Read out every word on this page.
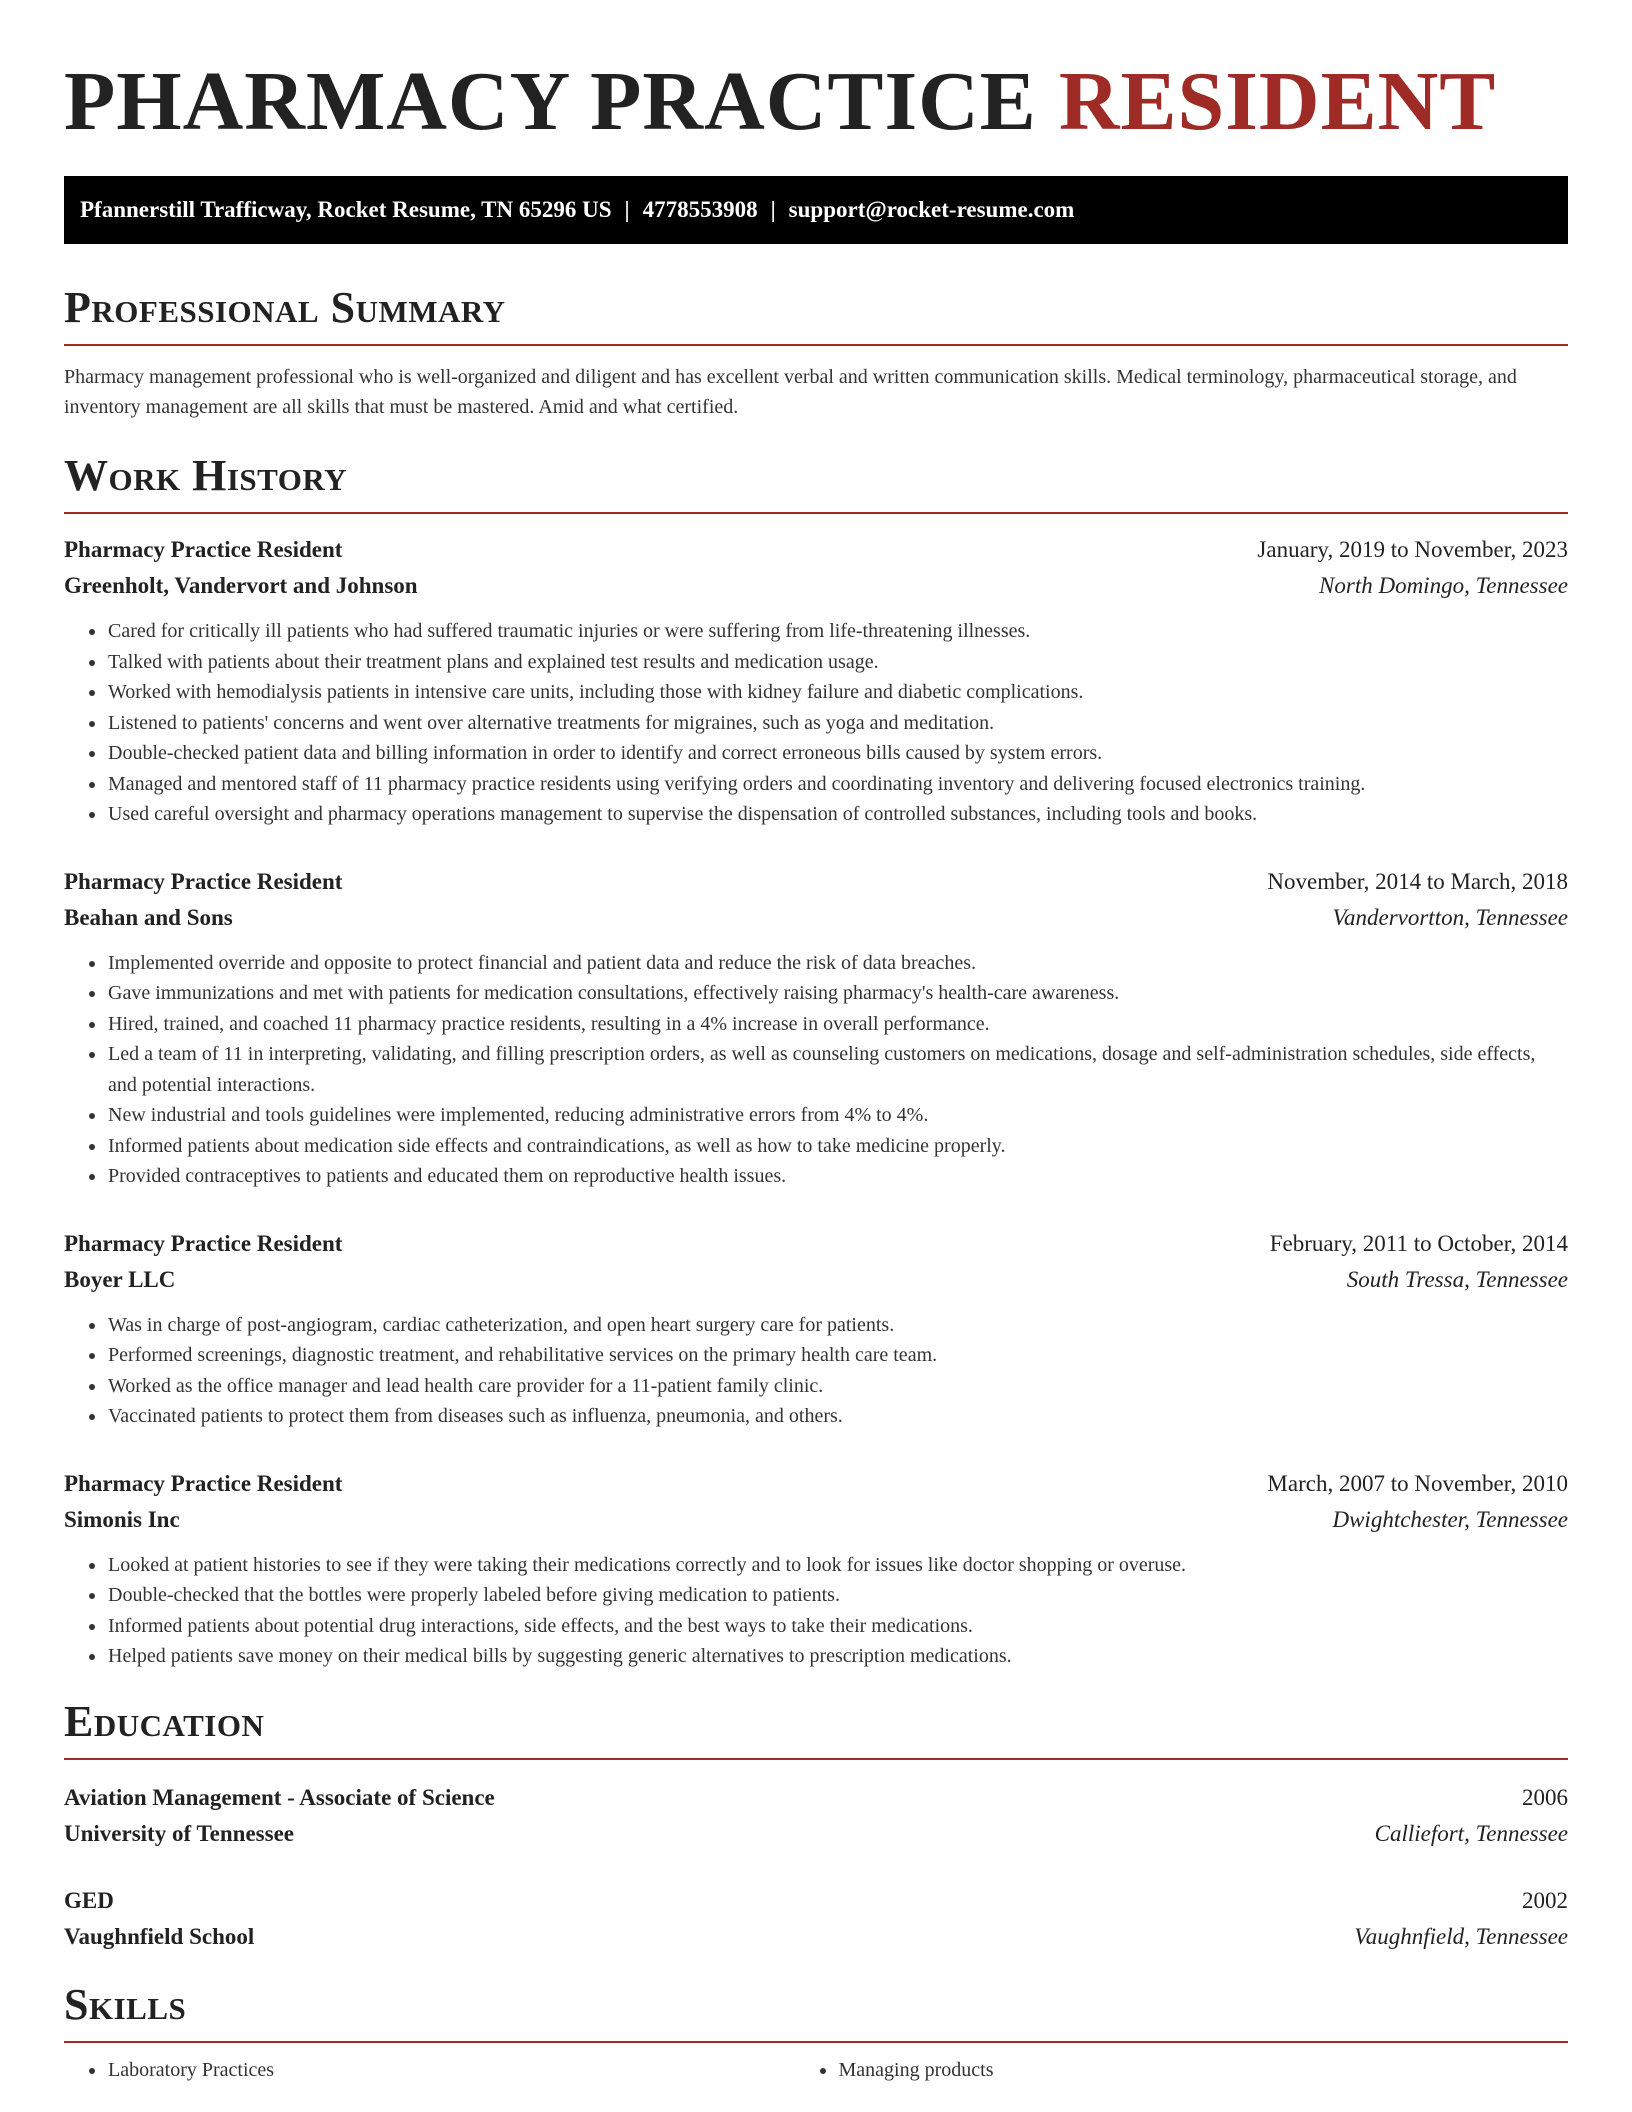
PHARMACY PRACTICE RESIDENT
Pfannerstill Trafficway, Rocket Resume, TN 65296 US | 4778553908 | support@rocket-resume.com
Professional Summary

Pharmacy management professional who is well-organized and diligent and has excellent verbal and written communication skills. Medical terminology, pharmaceutical storage, and inventory management are all skills that must be mastered. Amid and what certified.

Work History
Pharmacy Practice Resident	January, 2019 to November, 2023
Greenholt, Vandervort and Johnson	North Domingo, Tennessee
• Cared for critically ill patients who had suffered traumatic injuries or were suffering from life-threatening illnesses.
• Talked with patients about their treatment plans and explained test results and medication usage.
• Worked with hemodialysis patients in intensive care units, including those with kidney failure and diabetic complications.
• Listened to patients' concerns and went over alternative treatments for migraines, such as yoga and meditation.
• Double-checked patient data and billing information in order to identify and correct erroneous bills caused by system errors.
• Managed and mentored staff of 11 pharmacy practice residents using verifying orders and coordinating inventory and delivering focused electronics training.
• Used careful oversight and pharmacy operations management to supervise the dispensation of controlled substances, including tools and books.
Pharmacy Practice Resident	November, 2014 to March, 2018
Beahan and Sons	Vandervortton, Tennessee
• Implemented override and opposite to protect financial and patient data and reduce the risk of data breaches.
• Gave immunizations and met with patients for medication consultations, effectively raising pharmacy's health-care awareness.
• Hired, trained, and coached 11 pharmacy practice residents, resulting in a 4% increase in overall performance.
• Led a team of 11 in interpreting, validating, and filling prescription orders, as well as counseling customers on medications, dosage and self-administration schedules, side effects, and potential interactions.
• New industrial and tools guidelines were implemented, reducing administrative errors from 4% to 4%.
• Informed patients about medication side effects and contraindications, as well as how to take medicine properly.
• Provided contraceptives to patients and educated them on reproductive health issues.
Pharmacy Practice Resident	February, 2011 to October, 2014
Boyer LLC	South Tressa, Tennessee
• Was in charge of post-angiogram, cardiac catheterization, and open heart surgery care for patients.
• Performed screenings, diagnostic treatment, and rehabilitative services on the primary health care team.
• Worked as the office manager and lead health care provider for a 11-patient family clinic.
• Vaccinated patients to protect them from diseases such as influenza, pneumonia, and others.
Pharmacy Practice Resident	March, 2007 to November, 2010
Simonis Inc	Dwightchester, Tennessee
• Looked at patient histories to see if they were taking their medications correctly and to look for issues like doctor shopping or overuse.
• Double-checked that the bottles were properly labeled before giving medication to patients.
• Informed patients about potential drug interactions, side effects, and the best ways to take their medications.
• Helped patients save money on their medical bills by suggesting generic alternatives to prescription medications.
Education
Aviation Management - Associate of Science	2006
University of Tennessee	Calliefort, Tennessee
GED	2002
Vaughnfield School	Vaughnfield, Tennessee
Skills
• Laboratory Practices
•	Managing products
